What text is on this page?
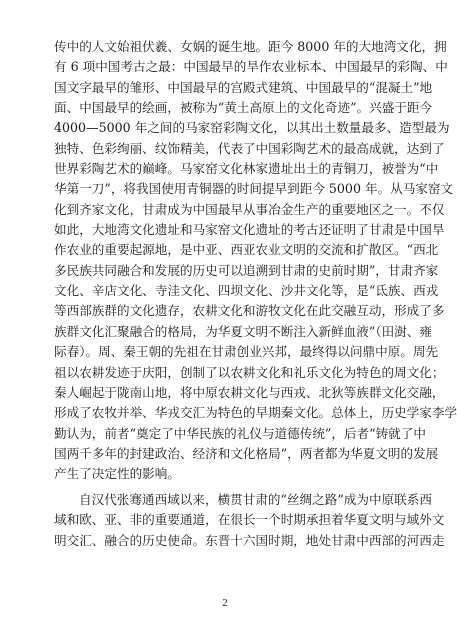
传中的人文始祖伏羲、女娲的诞生地。距今 8000 年的大地湾文化，拥
有 6 项中国考古之最：中国最早的旱作农业标本、中国最早的彩陶、中
国文字最早的雏形、中国最早的宫殿式建筑、中国最早的“混凝土”地
面、中国最早的绘画，被称为“黄土高原上的文化奇迹”。兴盛于距今
4000—5000 年之间的马家窑彩陶文化，以其出土数量最多、造型最为
独特、色彩绚丽、纹饰精美，代表了中国彩陶艺术的最高成就，达到了
世界彩陶艺术的巅峰。马家窑文化林家遗址出土的青铜刀，被誉为“中
华第一刀”，将我国使用青铜器的时间提早到距今 5000 年。从马家窑文
化到齐家文化，甘肃成为中国最早从事冶金生产的重要地区之一。不仅
如此，大地湾文化遗址和马家窑文化遗址的考古还证明了甘肃是中国旱
作农业的重要起源地，是中亚、西亚农业文明的交流和扩散区。“西北
多民族共同融合和发展的历史可以追溯到甘肃的史前时期”，甘肃齐家
文化、辛店文化、寺洼文化、四坝文化、沙井文化等，是“氐族、西戎
等西部族群的文化遗存，农耕文化和游牧文化在此交融互动，形成了多
族群文化汇聚融合的格局，为华夏文明不断注入新鲜血液”（田澍、雍
际春）。周、秦王朝的先祖在甘肃创业兴邦，最终得以问鼎中原。周先
祖以农耕发迹于庆阳，创制了以农耕文化和礼乐文化为特色的周文化；
秦人崛起于陇南山地，将中原农耕文化与西戎、北狄等族群文化交融，
形成了农牧并举、华戎交汇为特色的早期秦文化。总体上，历史学家李学
勤认为，前者“奠定了中华民族的礼仪与道德传统”，后者“铸就了中
国两千多年的封建政治、经济和文化格局”，两者都为华夏文明的发展
产生了决定性的影响。
自汉代张骞通西域以来，横贯甘肃的“丝绸之路”成为中原联系西
域和欧、亚、非的重要通道，在很长一个时期承担着华夏文明与域外文
明交汇、融合的历史使命。东晋十六国时期，地处甘肃中西部的河西走
2
